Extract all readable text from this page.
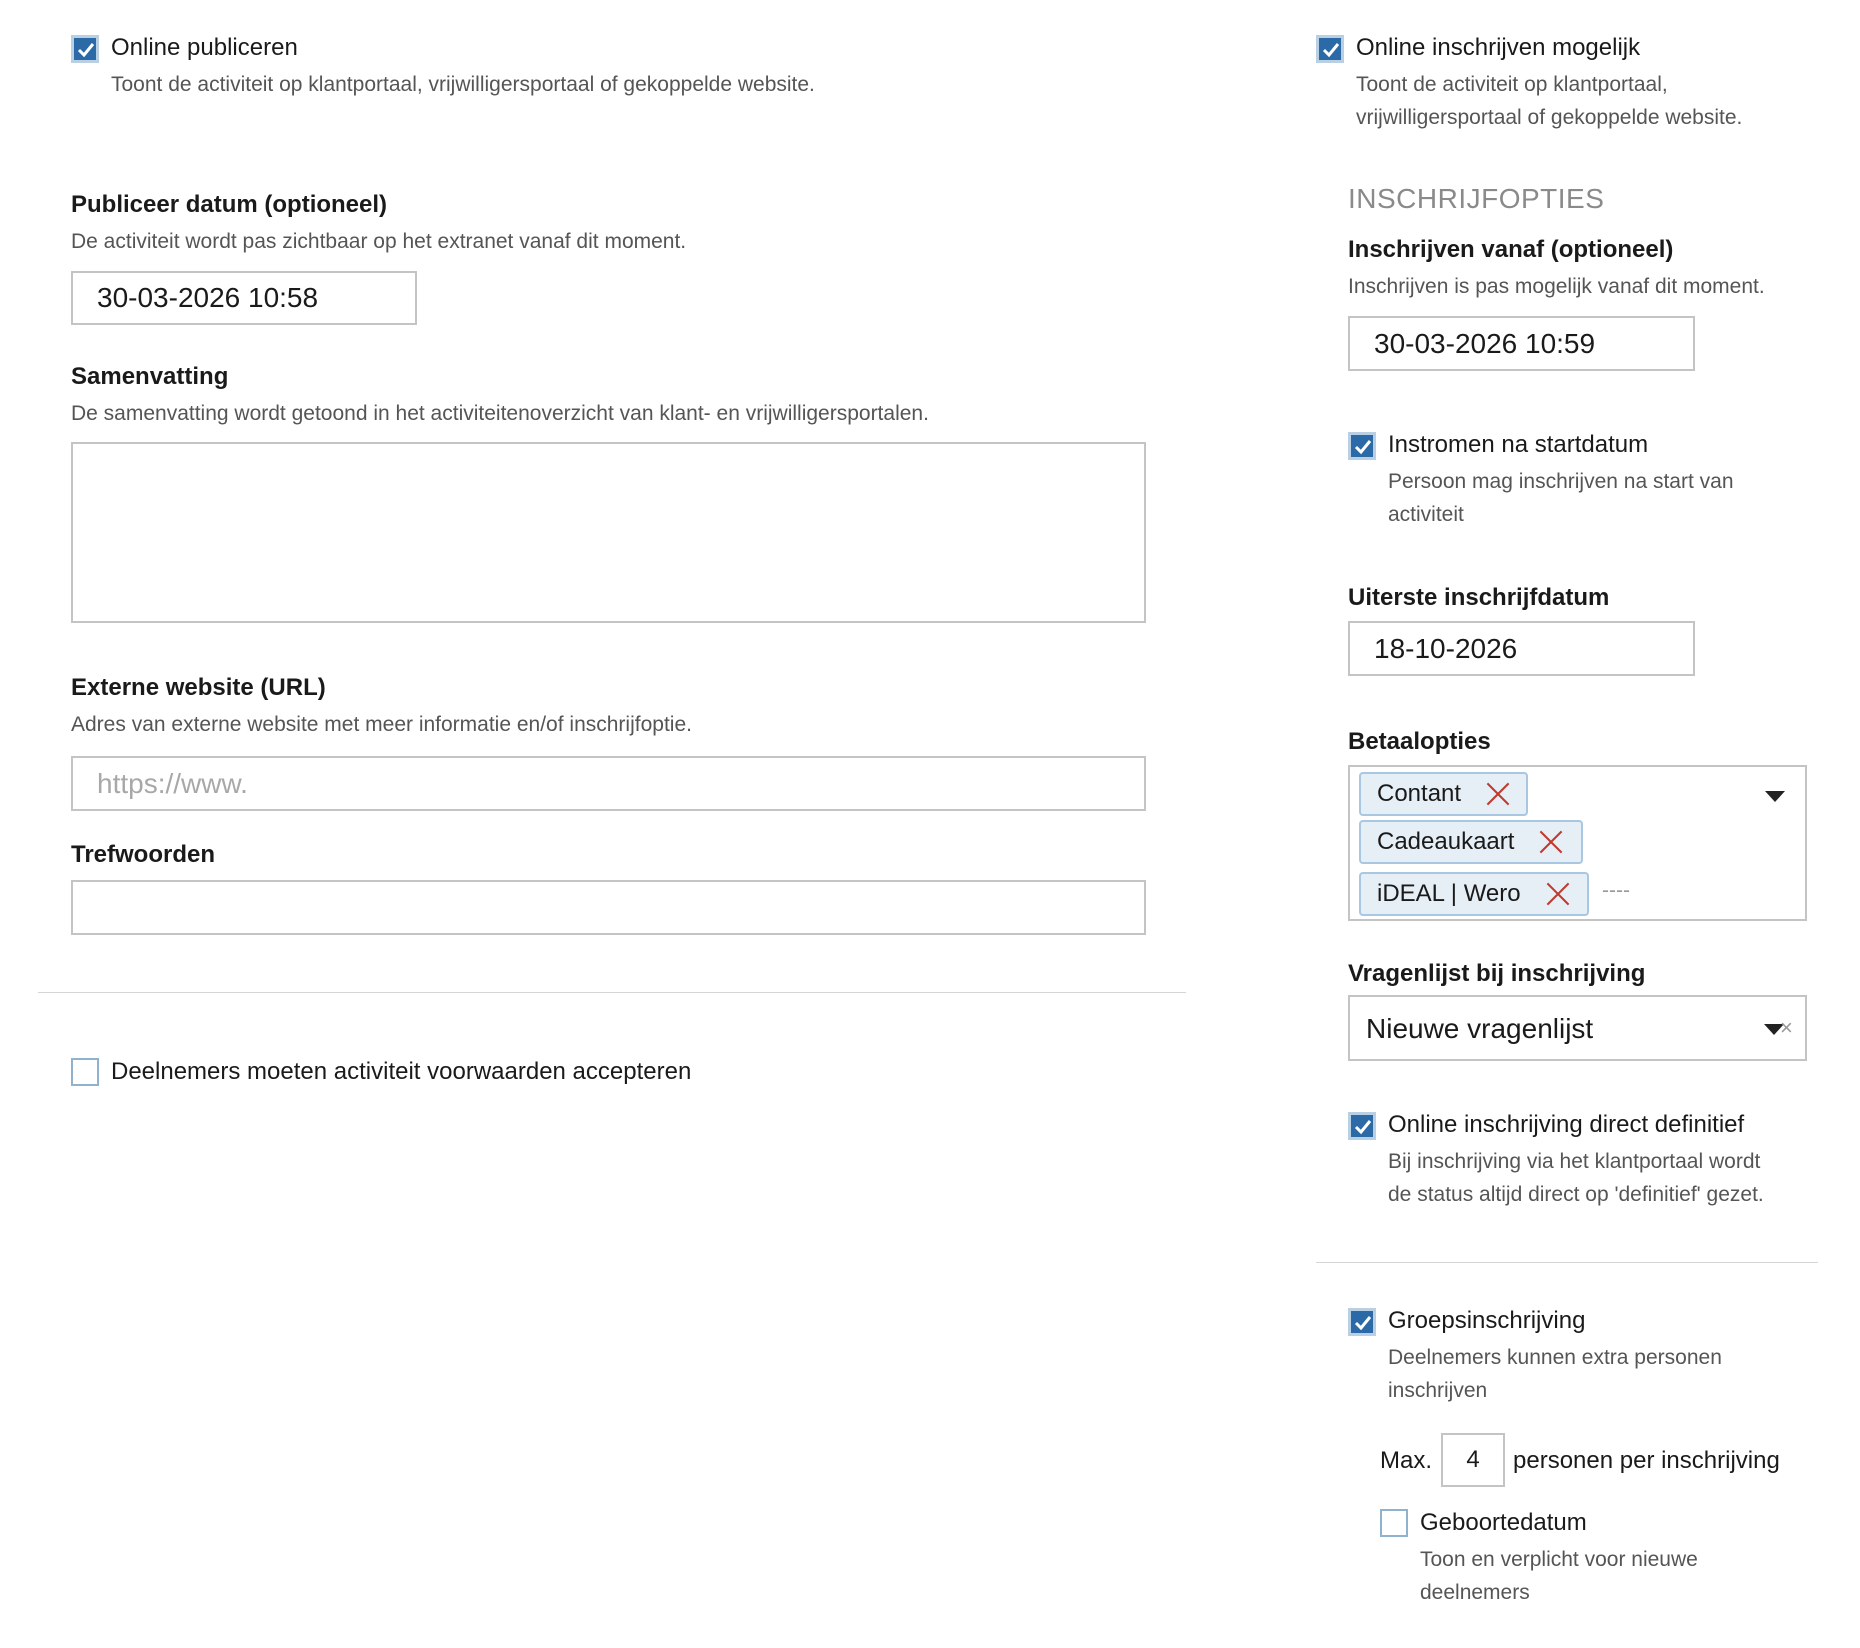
Online publiceren
Toont de activiteit op klantportaal, vrijwilligersportaal of gekoppelde website.
Publiceer datum (optioneel)
De activiteit wordt pas zichtbaar op het extranet vanaf dit moment.
30-03-2026 10:58
Samenvatting
De samenvatting wordt getoond in het activiteitenoverzicht van klant- en vrijwilligersportalen.
Externe website (URL)
Adres van externe website met meer informatie en/of inschrijfoptie.
https://www.
Trefwoorden
Deelnemers moeten activiteit voorwaarden accepteren
Online inschrijven mogelijk
Toont de activiteit op klantportaal,
vrijwilligersportaal of gekoppelde website.
INSCHRIJFOPTIES
Inschrijven vanaf (optioneel)
Inschrijven is pas mogelijk vanaf dit moment.
30-03-2026 10:59
Instromen na startdatum
Persoon mag inschrijven na start van
activiteit
Uiterste inschrijfdatum
18-10-2026
Betaalopties
Contant
Cadeaukaart
iDEAL | Wero	----
Vragenlijst bij inschrijving
Nieuwe vragenlijst	×
Online inschrijving direct definitief
Bij inschrijving via het klantportaal wordt
de status altijd direct op 'definitief' gezet.
Groepsinschrijving
Deelnemers kunnen extra personen
inschrijven
Max.
4	personen per inschrijving
Geboortedatum
Toon en verplicht voor nieuwe
deelnemers
